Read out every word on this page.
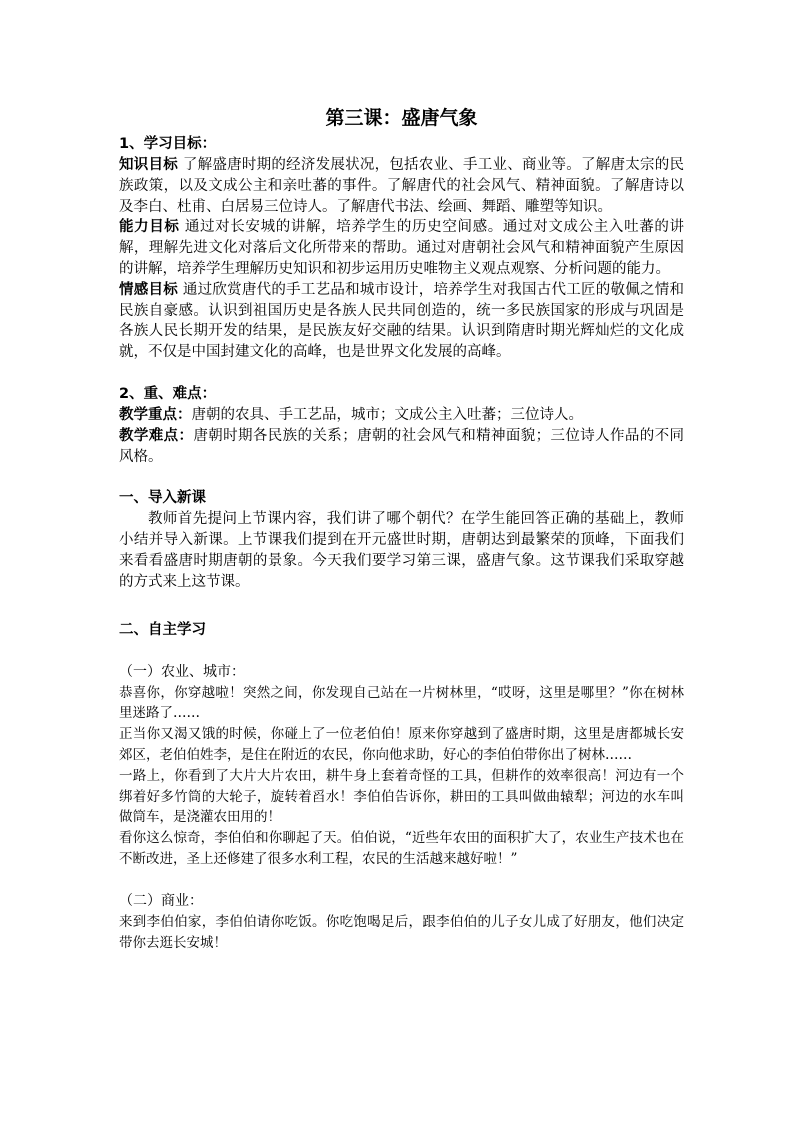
第三课：盛唐气象
1、学习目标：

知识目标 了解盛唐时期的经济发展状况，包括农业、手工业、商业等。了解唐太宗的民族政策，以及文成公主和亲吐蕃的事件。了解唐代的社会风气、精神面貌。了解唐诗以及李白、杜甫、白居易三位诗人。了解唐代书法、绘画、舞蹈、雕塑等知识。

能力目标 通过对长安城的讲解，培养学生的历史空间感。通过对文成公主入吐蕃的讲解，理解先进文化对落后文化所带来的帮助。通过对唐朝社会风气和精神面貌产生原因的讲解，培养学生理解历史知识和初步运用历史唯物主义观点观察、分析问题的能力。

情感目标 通过欣赏唐代的手工艺品和城市设计，培养学生对我国古代工匠的敬佩之情和民族自豪感。认识到祖国历史是各族人民共同创造的，统一多民族国家的形成与巩固是各族人民长期开发的结果，是民族友好交融的结果。认识到隋唐时期光辉灿烂的文化成就，不仅是中国封建文化的高峰，也是世界文化发展的高峰。

2、重、难点：

教学重点：唐朝的农具、手工艺品，城市；文成公主入吐蕃；三位诗人。

教学难点：唐朝时期各民族的关系；唐朝的社会风气和精神面貌；三位诗人作品的不同风格。

一、导入新课

教师首先提问上节课内容，我们讲了哪个朝代？在学生能回答正确的基础上，教师小结并导入新课。上节课我们提到在开元盛世时期，唐朝达到最繁荣的顶峰，下面我们来看看盛唐时期唐朝的景象。今天我们要学习第三课，盛唐气象。这节课我们采取穿越的方式来上这节课。

二、自主学习
（一）农业、城市：

恭喜你，你穿越啦！突然之间，你发现自己站在一片树林里，“哎呀，这里是哪里？”你在树林里迷路了……

正当你又渴又饿的时候，你碰上了一位老伯伯！原来你穿越到了盛唐时期，这里是唐都城长安郊区，老伯伯姓李，是住在附近的农民，你向他求助，好心的李伯伯带你出了树林……

一路上，你看到了大片大片农田，耕牛身上套着奇怪的工具，但耕作的效率很高！河边有一个绑着好多竹筒的大轮子，旋转着舀水！李伯伯告诉你，耕田的工具叫做曲辕犁；河边的水车叫做筒车，是浇灌农田用的！

看你这么惊奇，李伯伯和你聊起了天。伯伯说，“近些年农田的面积扩大了，农业生产技术也在不断改进，圣上还修建了很多水利工程，农民的生活越来越好啦！”

（二）商业：

来到李伯伯家，李伯伯请你吃饭。你吃饱喝足后，跟李伯伯的儿子女儿成了好朋友，他们决定带你去逛长安城！
